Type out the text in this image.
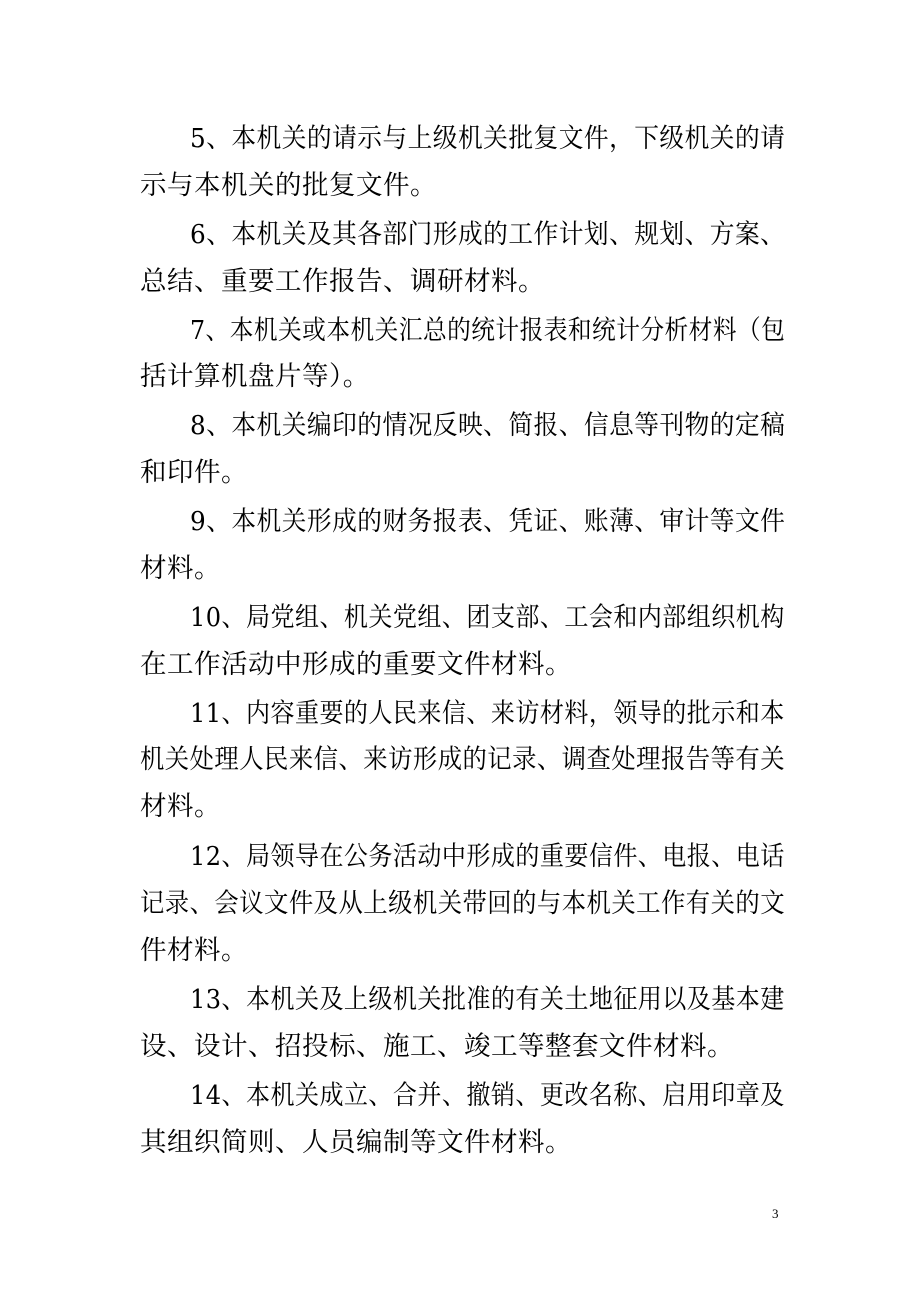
5、本机关的请示与上级机关批复文件，下级机关的请
示与本机关的批复文件。
6、本机关及其各部门形成的工作计划、规划、方案、
总结、重要工作报告、调研材料。
7、本机关或本机关汇总的统计报表和统计分析材料（包
括计算机盘片等）。
8、本机关编印的情况反映、简报、信息等刊物的定稿
和印件。
9、本机关形成的财务报表、凭证、账薄、审计等文件
材料。
10、局党组、机关党组、团支部、工会和内部组织机构
在工作活动中形成的重要文件材料。
11、内容重要的人民来信、来访材料，领导的批示和本
机关处理人民来信、来访形成的记录、调查处理报告等有关
材料。
12、局领导在公务活动中形成的重要信件、电报、电话
记录、会议文件及从上级机关带回的与本机关工作有关的文
件材料。
13、本机关及上级机关批准的有关土地征用以及基本建
设、设计、招投标、施工、竣工等整套文件材料。
14、本机关成立、合并、撤销、更改名称、启用印章及
其组织简则、人员编制等文件材料。
3
